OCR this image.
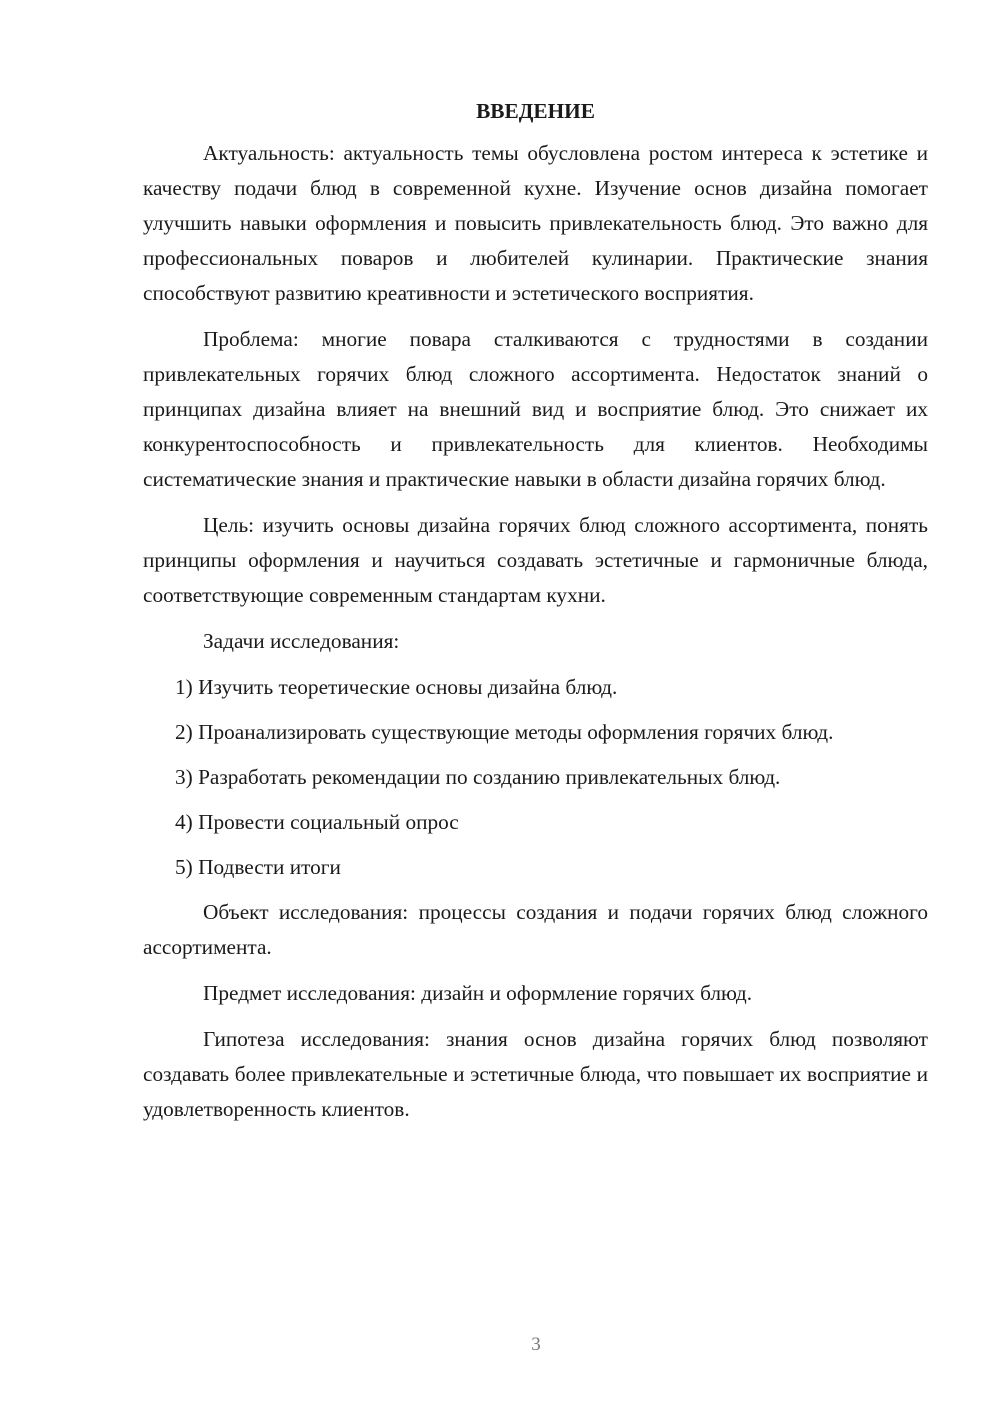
ВВЕДЕНИЕ

Актуальность: актуальность темы обусловлена ростом интереса к эстетике и качеству подачи блюд в современной кухне. Изучение основ дизайна помогает улучшить навыки оформления и повысить привлекательность блюд. Это важно для профессиональных поваров и любителей кулинарии. Практические знания способствуют развитию креативности и эстетического восприятия.

Проблема: многие повара сталкиваются с трудностями в создании привлекательных горячих блюд сложного ассортимента. Недостаток знаний о принципах дизайна влияет на внешний вид и восприятие блюд. Это снижает их конкурентоспособность и привлекательность для клиентов. Необходимы систематические знания и практические навыки в области дизайна горячих блюд.

Цель: изучить основы дизайна горячих блюд сложного ассортимента, понять принципы оформления и научиться создавать эстетичные и гармоничные блюда, соответствующие современным стандартам кухни.

Задачи исследования:

1) Изучить теоретические основы дизайна блюд.

2) Проанализировать существующие методы оформления горячих блюд.

3) Разработать рекомендации по созданию привлекательных блюд.

4) Провести социальный опрос

5) Подвести итоги

Объект исследования: процессы создания и подачи горячих блюд сложного ассортимента.

Предмет исследования: дизайн и оформление горячих блюд.

Гипотеза исследования: знания основ дизайна горячих блюд позволяют создавать более привлекательные и эстетичные блюда, что повышает их восприятие и удовлетворенность клиентов.

3
